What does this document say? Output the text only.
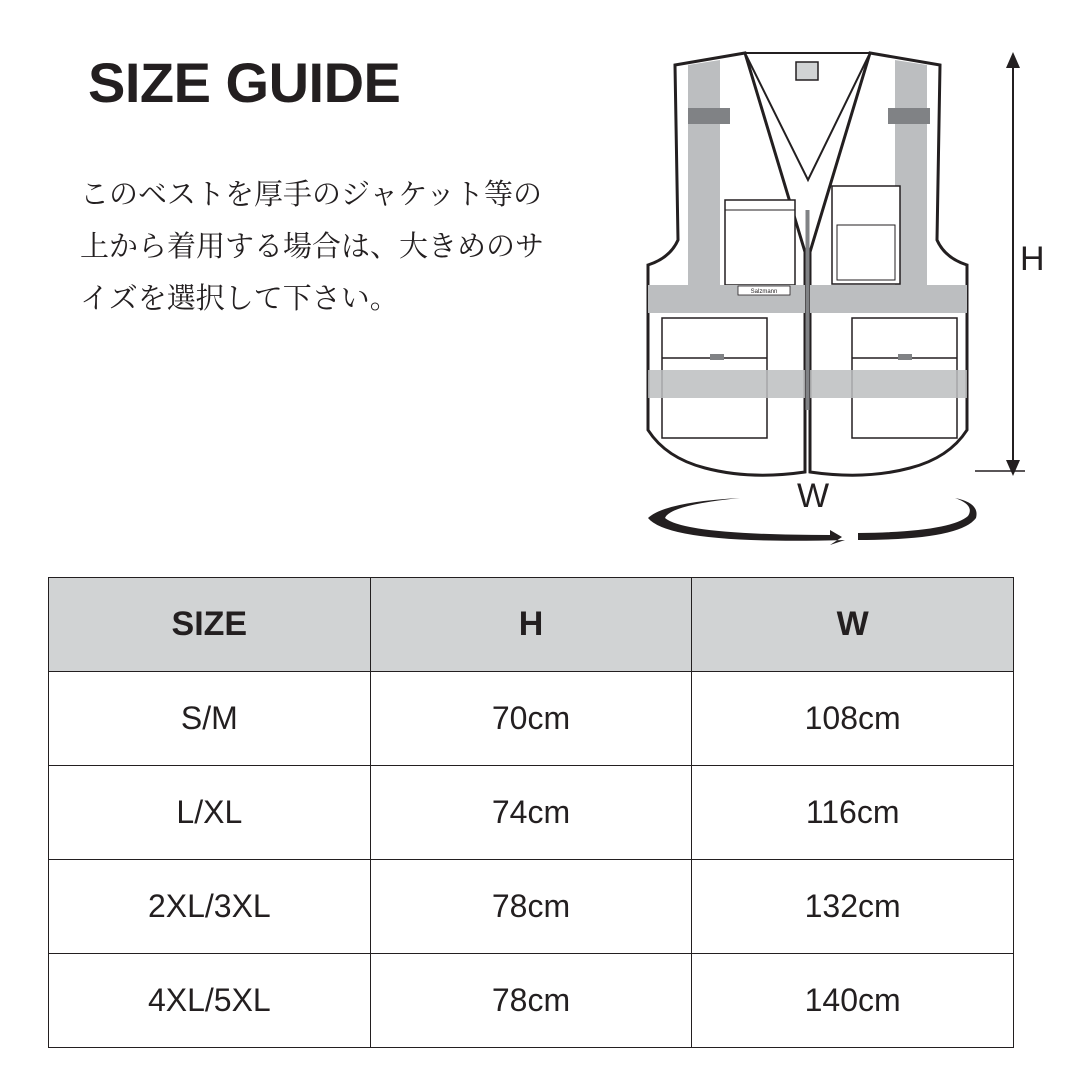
SIZE GUIDE
このベストを厚手のジャケット等の
上から着用する場合は、大きめのサ
イズを選択して下さい。	Salzmann
H
W
SIZE	H	W
S/M	70cm	108cm
L/XL	74cm	116cm
2XL/3XL	78cm	132cm
4XL/5XL	78cm	140cm
